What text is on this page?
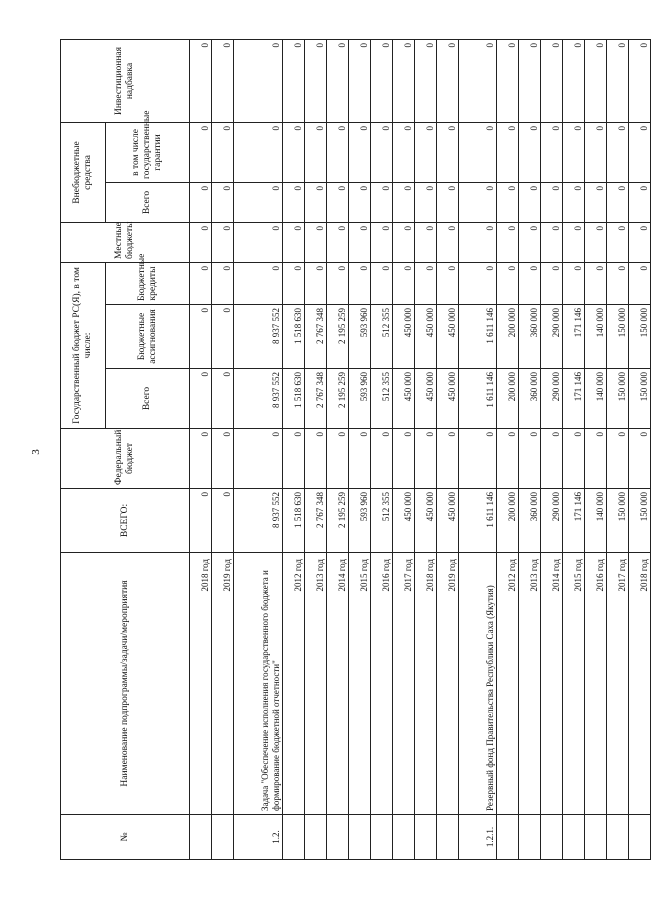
3
№	Наименование подпрограммы/задачи/мероприятия	ВСЕГО:	Федеральный бюджет	Государственный бюджет РС(Я), в том числе:			Местные бюджеты	Внебюджетные средства		Инвестиционная надбавка
				Всего	Бюджетные ассигнования	Бюджетные кредиты		Всего	в том числе государственные гарантии	

	2018 год	0	0	0	0	0	0	0	0	0
	2019 год	0	0	0	0	0	0	0	0	0
1.2.	Задача "Обеспечение исполнения государственного бюджета и формирование бюджетной отчетности"	8 937 552	0	8 937 552	8 937 552	0	0	0	0	0
	2012 год	1 518 630	0	1 518 630	1 518 630	0	0	0	0	0
	2013 год	2 767 348	0	2 767 348	2 767 348	0	0	0	0	0
	2014 год	2 195 259	0	2 195 259	2 195 259	0	0	0	0	0
	2015 год	593 960	0	593 960	593 960	0	0	0	0	0
	2016 год	512 355	0	512 355	512 355	0	0	0	0	0
	2017 год	450 000	0	450 000	450 000	0	0	0	0	0
	2018 год	450 000	0	450 000	450 000	0	0	0	0	0
	2019 год	450 000	0	450 000	450 000	0	0	0	0	0
1.2.1.	Резервный фонд Правительства Республики Саха (Якутия)	1 611 146	0	1 611 146	1 611 146	0	0	0	0	0
	2012 год	200 000	0	200 000	200 000	0	0	0	0	0
	2013 год	360 000	0	360 000	360 000	0	0	0	0	0
	2014 год	290 000	0	290 000	290 000	0	0	0	0	0
	2015 год	171 146	0	171 146	171 146	0	0	0	0	0
	2016 год	140 000	0	140 000	140 000	0	0	0	0	0
	2017 год	150 000	0	150 000	150 000	0	0	0	0	0
	2018 год	150 000	0	150 000	150 000	0	0	0	0	0
